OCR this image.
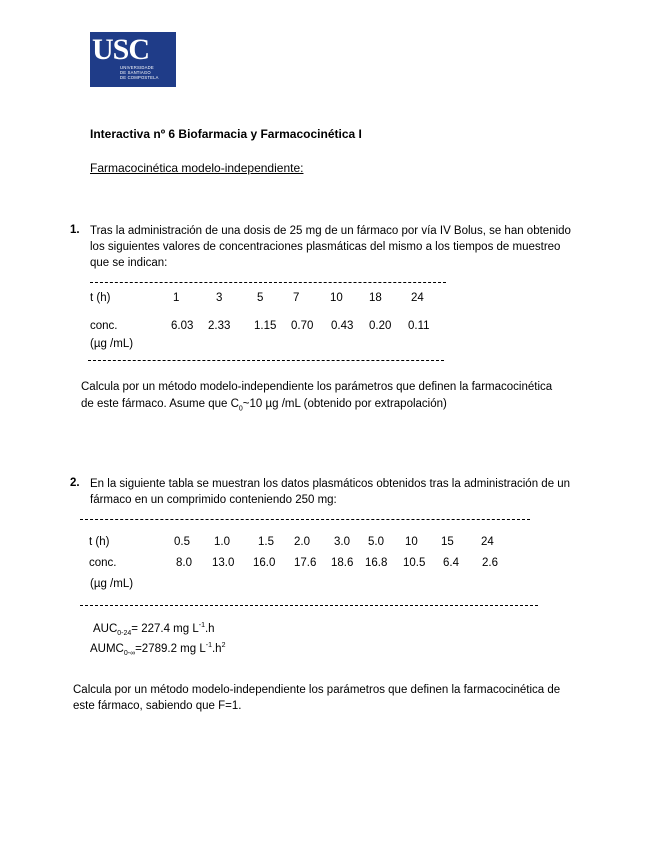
USC
UNIVERSIDADE
DE SANTIAGO
DE COMPOSTELA
Interactiva nº 6 Biofarmacia y Farmacocinética I
Farmacocinética modelo-independiente:
1. Tras la administración de una dosis de 25 mg de un fármaco por vía IV Bolus, se han obtenido
los siguientes valores de concentraciones plasmáticas del mismo a los tiempos de muestreo
que se indican:
t (h)	1	3	5	7	10 18	24
conc.	6.03 2.33 1.15 0.70 0.43 0.20 0.11
(µg /mL)
Calcula por un método modelo-independiente los parámetros que definen la farmacocinética
de este fármaco. Asume que $C_0\sim 10$ µg /mL (obtenido por extrapolación)
2. En la siguiente tabla se muestran los datos plasmáticos obtenidos tras la administración de un
fármaco en un comprimido conteniendo 250 mg:
t (h)	0.5 1.0 1.5 2.0 3.0 5.0 10 15 24
conc.	8.0 13.0 16.0 17.6 18.6 16.8 10.5 6.4 2.6
(µg /mL)
$AUC_{0-24}= 227.4$ mg $L^{-1}.h$
$AUMC_{0-\infty}=2789.2$ mg $L^{-1}.h^2$
Calcula por un método modelo-independiente los parámetros que definen la farmacocinética de
este fármaco, sabiendo que F=1.
